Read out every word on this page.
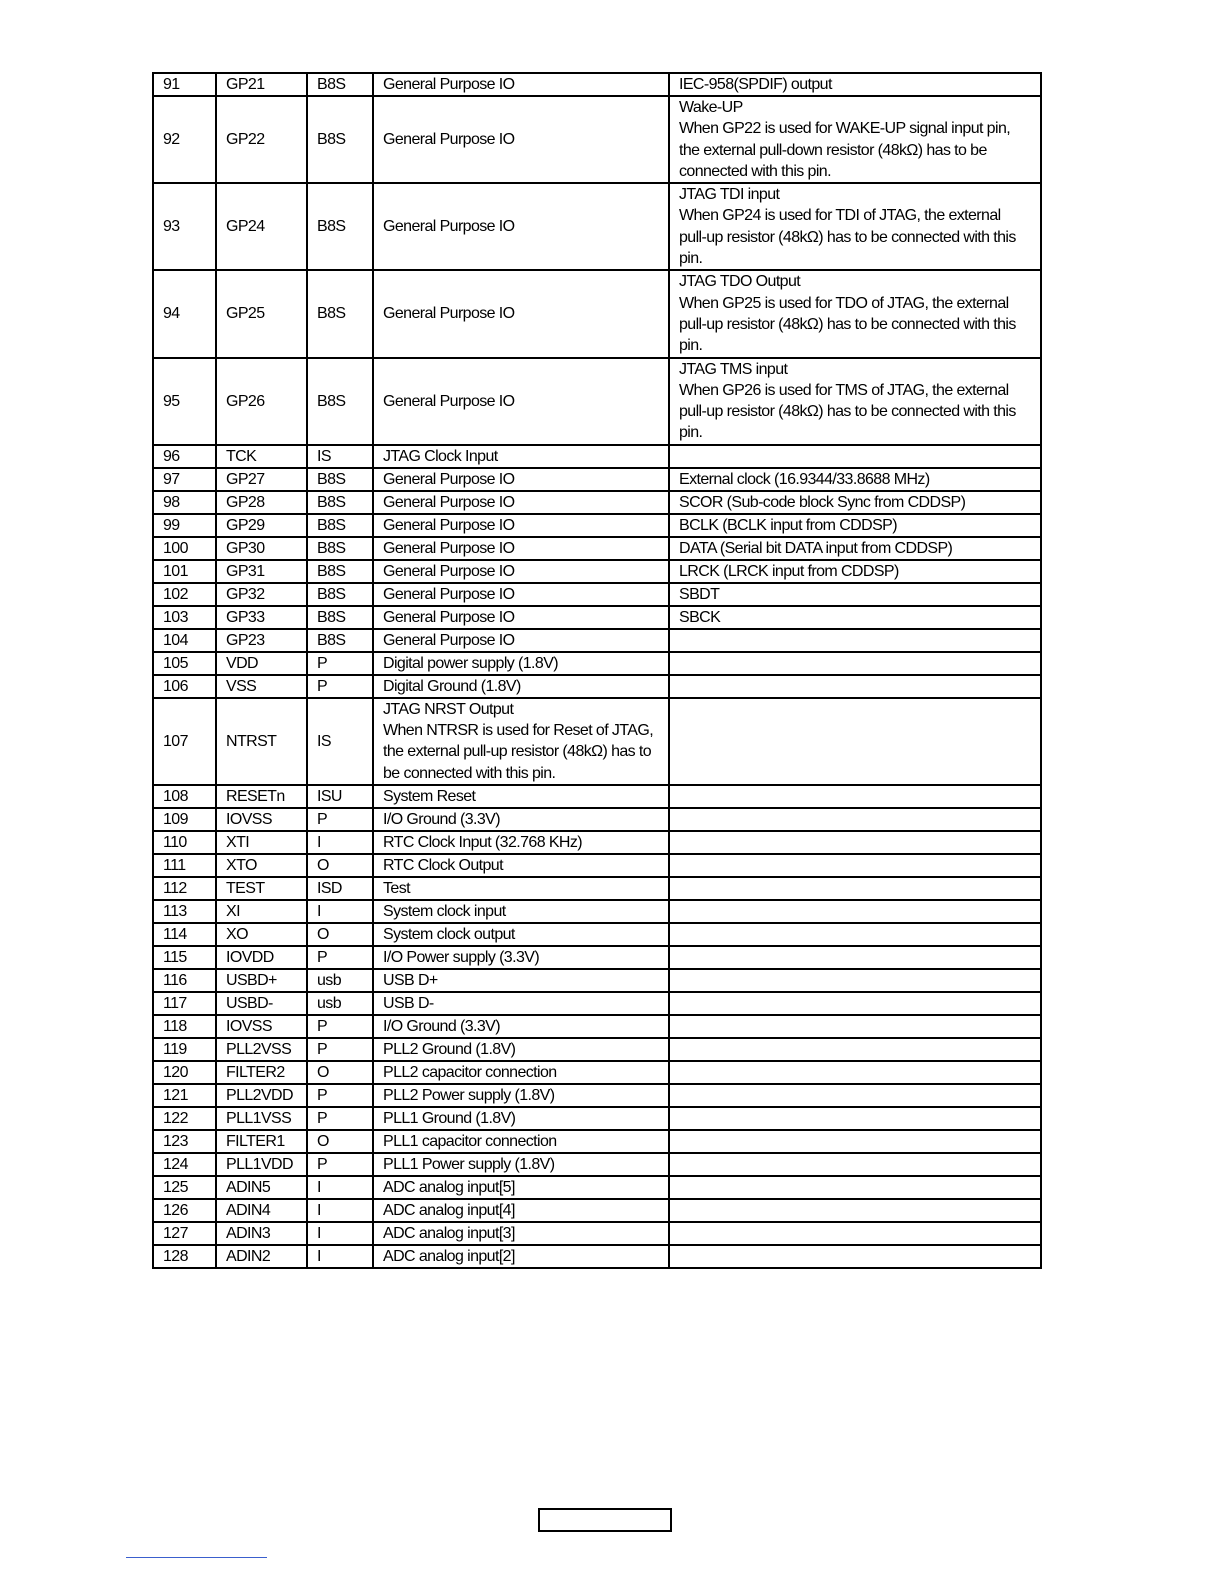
91	GP21	B8S	General Purpose IO	IEC-958(SPDIF) output
92	GP22	B8S	General Purpose IO	Wake-UP
When GP22 is used for WAKE-UP signal input pin, the external pull-down resistor (48kΩ) has to be connected with this pin.

93	GP24	B8S	General Purpose IO	JTAG TDI input
When GP24 is used for TDI of JTAG, the external pull-up resistor (48kΩ) has to be connected with this pin.

94	GP25	B8S	General Purpose IO	JTAG TDO Output
When GP25 is used for TDO of JTAG, the external pull-up resistor (48kΩ) has to be connected with this pin.

95	GP26	B8S	General Purpose IO	JTAG TMS input
When GP26 is used for TMS of JTAG, the external pull-up resistor (48kΩ) has to be connected with this pin.

96	TCK	IS	JTAG Clock Input	
97	GP27	B8S	General Purpose IO	External clock (16.9344/33.8688 MHz)
98	GP28	B8S	General Purpose IO	SCOR (Sub-code block Sync from CDDSP)
99	GP29	B8S	General Purpose IO	BCLK (BCLK input from CDDSP)
100	GP30	B8S	General Purpose IO	DATA (Serial bit DATA input from CDDSP)
101	GP31	B8S	General Purpose IO	LRCK (LRCK input from CDDSP)
102	GP32	B8S	General Purpose IO	SBDT
103	GP33	B8S	General Purpose IO	SBCK
104	GP23	B8S	General Purpose IO	
105	VDD	P	Digital power supply (1.8V)	
106	VSS	P	Digital Ground (1.8V)	
107	NTRST	IS	JTAG NRST Output
When NTRSR is used for Reset of JTAG, the external pull-up resistor (48kΩ) has to be connected with this pin.	

108	RESETn	ISU	System Reset	
109	IOVSS	P	I/O Ground (3.3V)	
110	XTI	I	RTC Clock Input (32.768 KHz)	
111	XTO	O	RTC Clock Output	
112	TEST	ISD	Test	
113	XI	I	System clock input	
114	XO	O	System clock output	
115	IOVDD	P	I/O Power supply (3.3V)	
116	USBD+	usb	USB D+	
117	USBD-	usb	USB D-	
118	IOVSS	P	I/O Ground (3.3V)	
119	PLL2VSS	P	PLL2 Ground (1.8V)	
120	FILTER2	O	PLL2 capacitor connection	
121	PLL2VDD	P	PLL2 Power supply (1.8V)	
122	PLL1VSS	P	PLL1 Ground (1.8V)	
123	FILTER1	O	PLL1 capacitor connection	
124	PLL1VDD	P	PLL1 Power supply (1.8V)	
125	ADIN5	I	ADC analog input[5]	
126	ADIN4	I	ADC analog input[4]	
127	ADIN3	I	ADC analog input[3]	
128	ADIN2	I	ADC analog input[2]	
